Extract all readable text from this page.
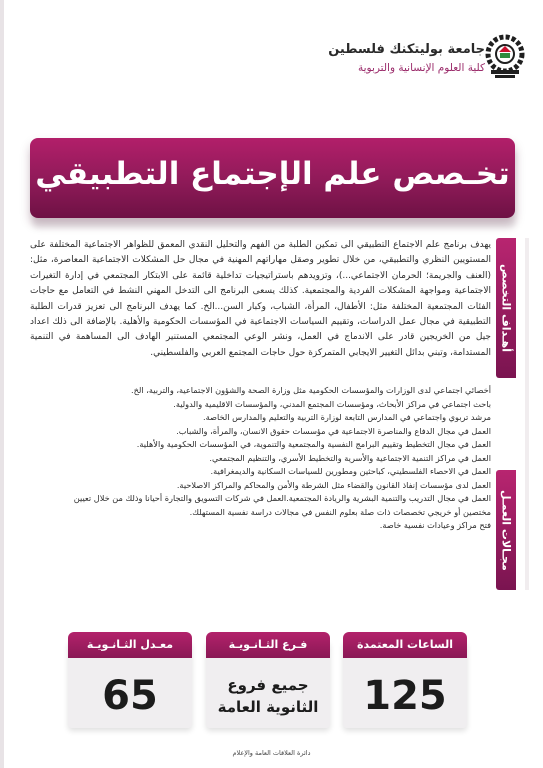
جامعة بوليتكنك فلسطين
كلية العلوم الإنسانية والتربوية
تخـصص علم الإجتماع التطبيقي
أهـداف التخصص
مجـالات العمـل
يهدف برنامج علم الاجتماع التطبيقي الى تمكين الطلبة من الفهم والتحليل النقدي المعمق للظواهر الاجتماعية المختلفة على المستويين النظري والتطبيقي، من خلال تطوير وصقل مهاراتهم المهنية في مجال حل المشكلات الاجتماعية المعاصرة، مثل: (العنف والجريمة؛ الحرمان الاجتماعي...)، وتزويدهم باستراتيجيات تداخلية قائمة على الابتكار المجتمعي في إدارة التغيرات الاجتماعية ومواجهة المشكلات الفردية والمجتمعية. كذلك يسعى البرنامج الى التدخل المهني النشط في التعامل مع حاجات الفئات المجتمعية المختلفة مثل: الأطفال، المرأة، الشباب، وكبار السن...الخ. كما يهدف البرنامج الى تعزيز قدرات الطلبة التطبيقية في مجال عمل الدراسات، وتقييم السياسات الاجتماعية في المؤسسات الحكومية والأهلية. بالإضافة الى ذلك اعداد جيل من الخريجين قادر على الاندماج في العمل، ونشر الوعي المجتمعي المستنير الهادف الى المساهمة في التنمية المستدامة، وتبني بدائل التغيير الايجابي المتمركزة حول حاجات المجتمع العربي والفلسطيني.

أخصائي اجتماعي لدى الوزارات والمؤسسات الحكومية مثل وزارة الصحة والشؤون الاجتماعية، والتربية، الخ.

باحث اجتماعي في مراكز الأبحاث، ومؤسسات المجتمع المدني، والمؤسسات الاقليمية والدولية.

مرشد تربوي واجتماعي في المدارس التابعة لوزارة التربية والتعليم والمدارس الخاصة.

العمل في مجال الدفاع والمناصرة الاجتماعية في مؤسسات حقوق الانسان، والمرأة، والشباب.

العمل في مجال التخطيط وتقييم البرامج النفسية والمجتمعية والتنموية، في المؤسسات الحكومية والأهلية.

العمل في مراكز التنمية الاجتماعية والأسرية والتخطيط الأسري، والتنظيم المجتمعي.

العمل في الاحصاء الفلسطيني، كباحثين ومطورين للسياسات السكانية والديمغرافية.

العمل لدى مؤسسات إنفاذ القانون والقضاء مثل الشرطة والأمن والمحاكم والمراكز الاصلاحية.

العمل في مجال التدريب والتنمية البشرية والريادة المجتمعية.العمل في شركات التسويق والتجارة أحيانا وذلك من خلال تعيين مختصين أو خريجي تخصصات ذات صلة بعلوم النفس في مجالات دراسة نفسية المستهلك.

فتح مراكز وعيادات نفسية خاصة.

الساعات المعتمدة
125
فـرع الثـانـويـة
جميع فروع الثانوية العامة
معـدل الثـانـويـة
65
دائرة العلاقات العامة والإعلام
